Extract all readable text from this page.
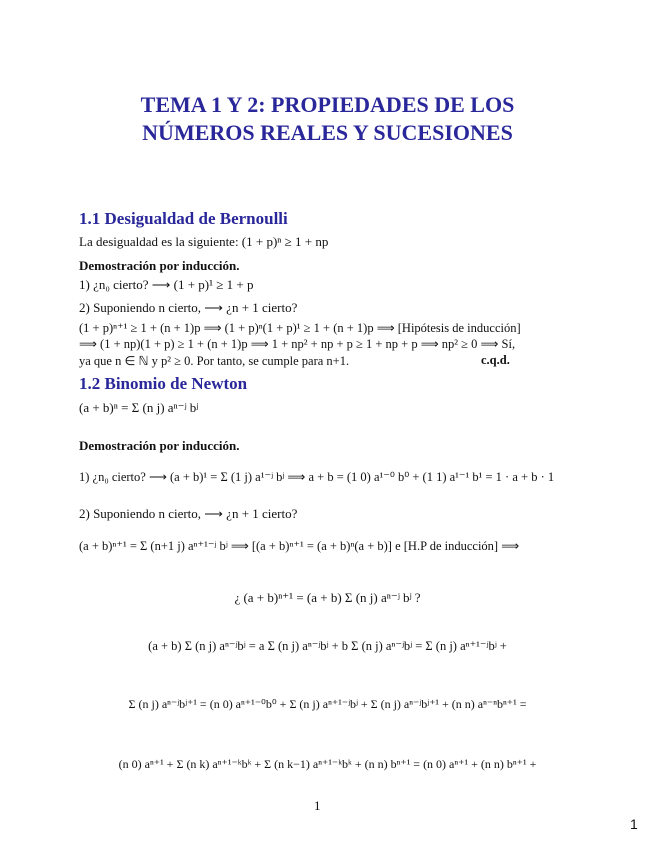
TEMA 1 Y 2: PROPIEDADES DE LOS
NÚMEROS REALES Y SUCESIONES
1.1 Desigualdad de Bernoulli
La desigualdad es la siguiente: (1 + p)ⁿ ≥ 1 + np
Demostración por inducción.
1) ¿n₀ cierto? ⟶ (1 + p)¹ ≥ 1 + p
2) Suponiendo n cierto, ⟶ ¿n + 1 cierto?
(1 + p)ⁿ⁺¹ ≥ 1 + (n + 1)p ⟹ (1 + p)ⁿ(1 + p)¹ ≥ 1 + (n + 1)p ⟹ [Hipótesis de inducción]
⟹ (1 + np)(1 + p) ≥ 1 + (n + 1)p ⟹ 1 + np² + np + p ≥ 1 + np + p ⟹ np² ≥ 0 ⟹ Sí,
ya que n ∈ ℕ y p² ≥ 0. Por tanto, se cumple para n+1.	c.q.d.
1.2 Binomio de Newton
(a + b)ⁿ = Σ (n j) aⁿ⁻ʲ bʲ
Demostración por inducción.
1) ¿n₀ cierto? ⟶ (a + b)¹ = Σ (1 j) a¹⁻ʲ bʲ ⟹ a + b = (1 0) a¹⁻⁰ b⁰ + (1 1) a¹⁻¹ b¹ = 1 · a + b · 1
2) Suponiendo n cierto, ⟶ ¿n + 1 cierto?
(a + b)ⁿ⁺¹ = Σ (n+1 j) aⁿ⁺¹⁻ʲ bʲ ⟹ [(a + b)ⁿ⁺¹ = (a + b)ⁿ(a + b)] e [H.P de inducción] ⟹
¿ (a + b)ⁿ⁺¹ = (a + b) Σ (n j) aⁿ⁻ʲ bʲ ?
(a + b) Σ (n j) aⁿ⁻ʲbʲ = a Σ (n j) aⁿ⁻ʲbʲ + b Σ (n j) aⁿ⁻ʲbʲ = Σ (n j) aⁿ⁺¹⁻ʲbʲ +
Σ (n j) aⁿ⁻ʲbʲ⁺¹ = (n 0) aⁿ⁺¹⁻⁰b⁰ + Σ (n j) aⁿ⁺¹⁻ʲbʲ + Σ (n j) aⁿ⁻ʲbʲ⁺¹ + (n n) aⁿ⁻ⁿbⁿ⁺¹ =
(n 0) aⁿ⁺¹ + Σ (n k) aⁿ⁺¹⁻ᵏbᵏ + Σ (n k−1) aⁿ⁺¹⁻ᵏbᵏ + (n n) bⁿ⁺¹ = (n 0) aⁿ⁺¹ + (n n) bⁿ⁺¹ +
1
1
